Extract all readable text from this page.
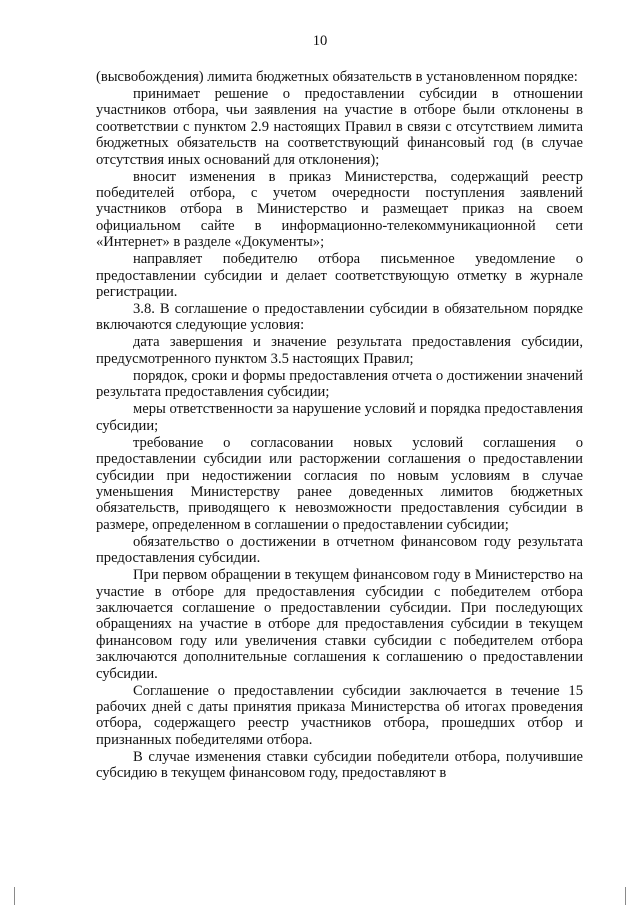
10

(высвобождения) лимита бюджетных обязательств в установленном порядке:

принимает решение о предоставлении субсидии в отношении участников отбора, чьи заявления на участие в отборе были отклонены в соответствии с пунктом 2.9 настоящих Правил в связи с отсутствием лимита бюджетных обязательств на соответствующий финансовый год (в случае отсутствия иных оснований для отклонения);

вносит изменения в приказ Министерства, содержащий реестр победителей отбора, с учетом очередности поступления заявлений участников отбора в Министерство и размещает приказ на своем официальном сайте в информационно-телекоммуникационной сети «Интернет» в разделе «Документы»;

направляет победителю отбора письменное уведомление о предоставлении субсидии и делает соответствующую отметку в журнале регистрации.

3.8. В соглашение о предоставлении субсидии в обязательном порядке включаются следующие условия:

дата завершения и значение результата предоставления субсидии, предусмотренного пунктом 3.5 настоящих Правил;

порядок, сроки и формы предоставления отчета о достижении значений результата предоставления субсидии;

меры ответственности за нарушение условий и порядка предоставления субсидии;

требование о согласовании новых условий соглашения о предоставлении субсидии или расторжении соглашения о предоставлении субсидии при недостижении согласия по новым условиям в случае уменьшения Министерству ранее доведенных лимитов бюджетных обязательств, приводящего к невозможности предоставления субсидии в размере, определенном в соглашении о предоставлении субсидии;

обязательство о достижении в отчетном финансовом году результата предоставления субсидии.

При первом обращении в текущем финансовом году в Министерство на участие в отборе для предоставления субсидии с победителем отбора заключается соглашение о предоставлении субсидии. При последующих обращениях на участие в отборе для предоставления субсидии в текущем финансовом году или увеличения ставки субсидии с победителем отбора заключаются дополнительные соглашения к соглашению о предоставлении субсидии.

Соглашение о предоставлении субсидии заключается в течение 15 рабочих дней с даты принятия приказа Министерства об итогах проведения отбора, содержащего реестр участников отбора, прошедших отбор и признанных победителями отбора.

В случае изменения ставки субсидии победители отбора, получившие субсидию в текущем финансовом году, предоставляют в
